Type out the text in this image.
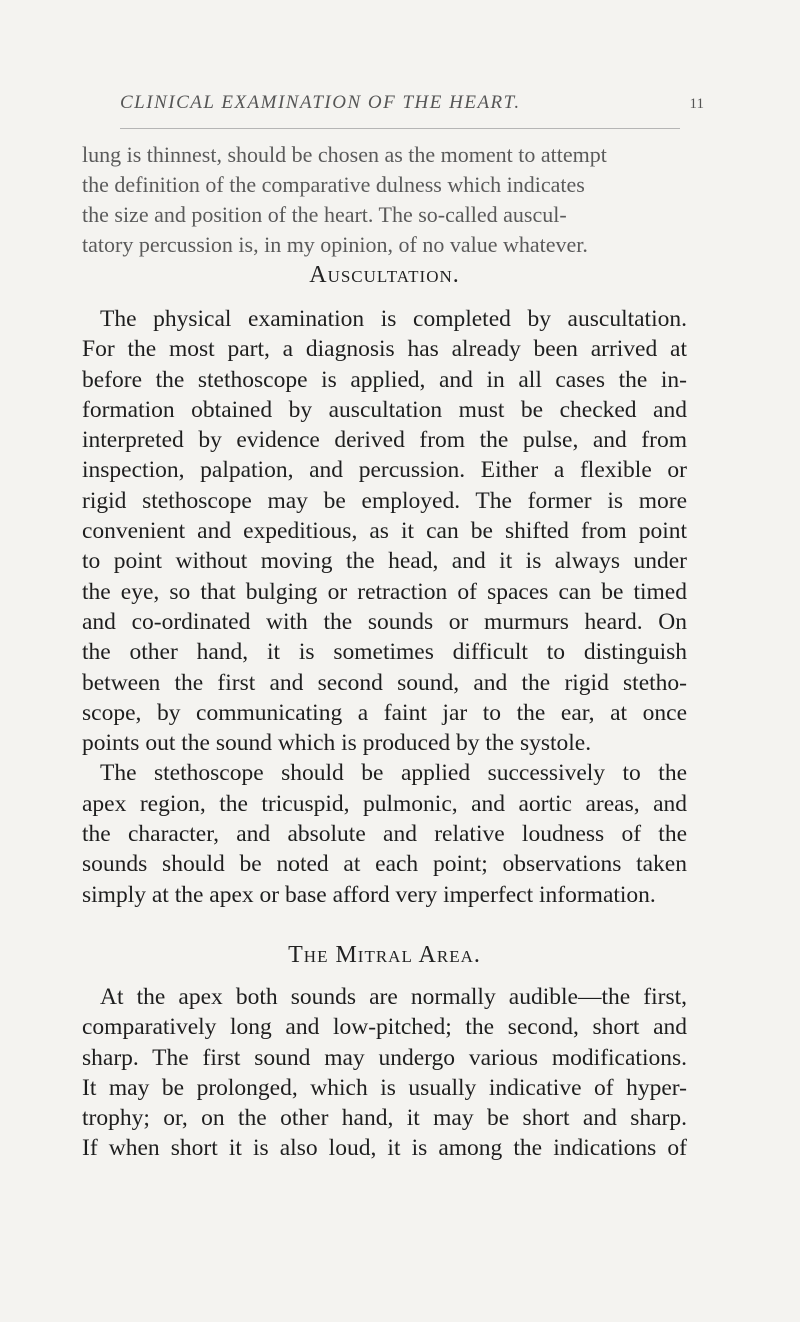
CLINICAL EXAMINATION OF THE HEART.	11
lung is thinnest, should be chosen as the moment to attempt
the definition of the comparative dulness which indicates
the size and position of the heart. The so-called auscul-
tatory percussion is, in my opinion, of no value whatever.
Auscultation.
The physical examination is completed by auscultation.
For the most part, a diagnosis has already been arrived at
before the stethoscope is applied, and in all cases the in-
formation obtained by auscultation must be checked and
interpreted by evidence derived from the pulse, and from
inspection, palpation, and percussion. Either a flexible or
rigid stethoscope may be employed. The former is more
convenient and expeditious, as it can be shifted from point
to point without moving the head, and it is always under
the eye, so that bulging or retraction of spaces can be timed
and co-ordinated with the sounds or murmurs heard. On
the other hand, it is sometimes difficult to distinguish
between the first and second sound, and the rigid stetho-
scope, by communicating a faint jar to the ear, at once
points out the sound which is produced by the systole.
The stethoscope should be applied successively to the
apex region, the tricuspid, pulmonic, and aortic areas, and
the character, and absolute and relative loudness of the
sounds should be noted at each point; observations taken
simply at the apex or base afford very imperfect information.
The Mitral Area.
At the apex both sounds are normally audible—the first,
comparatively long and low-pitched; the second, short and
sharp. The first sound may undergo various modifications.
It may be prolonged, which is usually indicative of hyper-
trophy; or, on the other hand, it may be short and sharp.
If when short it is also loud, it is among the indications of
